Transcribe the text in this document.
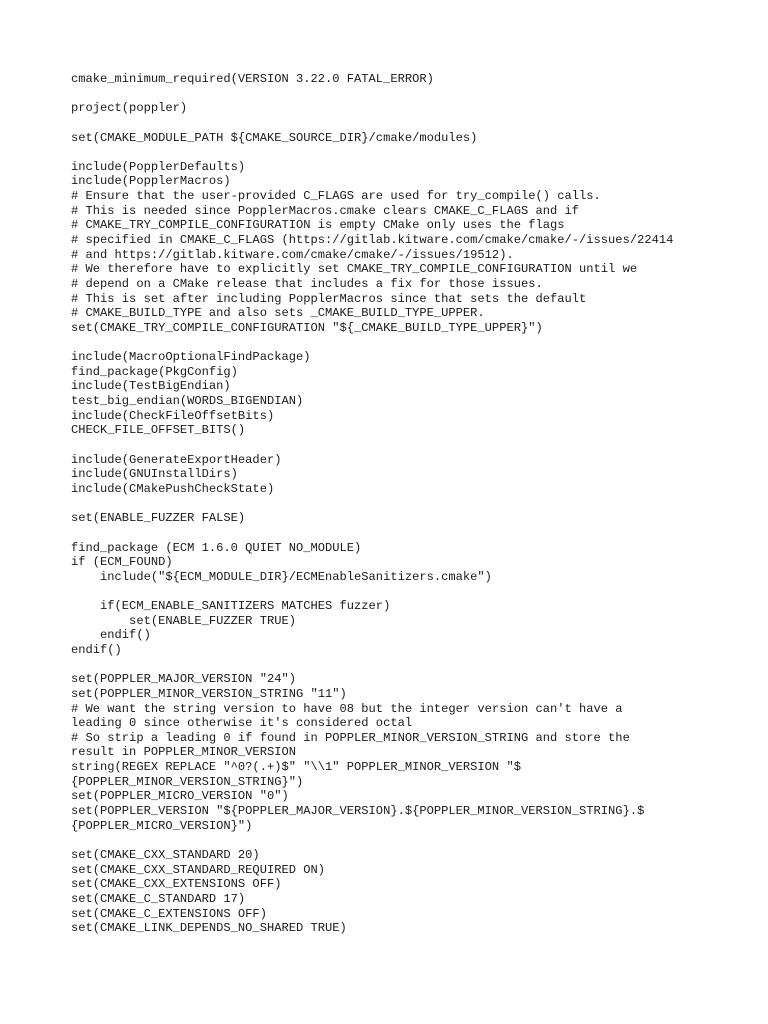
cmake_minimum_required(VERSION 3.22.0 FATAL_ERROR)

project(poppler)

set(CMAKE_MODULE_PATH ${CMAKE_SOURCE_DIR}/cmake/modules)

include(PopplerDefaults)
include(PopplerMacros)
# Ensure that the user-provided C_FLAGS are used for try_compile() calls.
# This is needed since PopplerMacros.cmake clears CMAKE_C_FLAGS and if
# CMAKE_TRY_COMPILE_CONFIGURATION is empty CMake only uses the flags
# specified in CMAKE_C_FLAGS (https://gitlab.kitware.com/cmake/cmake/-/issues/22414
# and https://gitlab.kitware.com/cmake/cmake/-/issues/19512).
# We therefore have to explicitly set CMAKE_TRY_COMPILE_CONFIGURATION until we
# depend on a CMake release that includes a fix for those issues.
# This is set after including PopplerMacros since that sets the default
# CMAKE_BUILD_TYPE and also sets _CMAKE_BUILD_TYPE_UPPER.
set(CMAKE_TRY_COMPILE_CONFIGURATION "${_CMAKE_BUILD_TYPE_UPPER}")

include(MacroOptionalFindPackage)
find_package(PkgConfig)
include(TestBigEndian)
test_big_endian(WORDS_BIGENDIAN)
include(CheckFileOffsetBits)
CHECK_FILE_OFFSET_BITS()

include(GenerateExportHeader)
include(GNUInstallDirs)
include(CMakePushCheckState)

set(ENABLE_FUZZER FALSE)

find_package (ECM 1.6.0 QUIET NO_MODULE)
if (ECM_FOUND)
include("${ECM_MODULE_DIR}/ECMEnableSanitizers.cmake")

if(ECM_ENABLE_SANITIZERS MATCHES fuzzer)
set(ENABLE_FUZZER TRUE)
endif()
endif()

set(POPPLER_MAJOR_VERSION "24")
set(POPPLER_MINOR_VERSION_STRING "11")
# We want the string version to have 08 but the integer version can't have a
leading 0 since otherwise it's considered octal
# So strip a leading 0 if found in POPPLER_MINOR_VERSION_STRING and store the
result in POPPLER_MINOR_VERSION
string(REGEX REPLACE "^0?(.+)$" "\\1" POPPLER_MINOR_VERSION "$
{POPPLER_MINOR_VERSION_STRING}")
set(POPPLER_MICRO_VERSION "0")
set(POPPLER_VERSION "${POPPLER_MAJOR_VERSION}.${POPPLER_MINOR_VERSION_STRING}.$
{POPPLER_MICRO_VERSION}")

set(CMAKE_CXX_STANDARD 20)
set(CMAKE_CXX_STANDARD_REQUIRED ON)
set(CMAKE_CXX_EXTENSIONS OFF)
set(CMAKE_C_STANDARD 17)
set(CMAKE_C_EXTENSIONS OFF)
set(CMAKE_LINK_DEPENDS_NO_SHARED TRUE)
